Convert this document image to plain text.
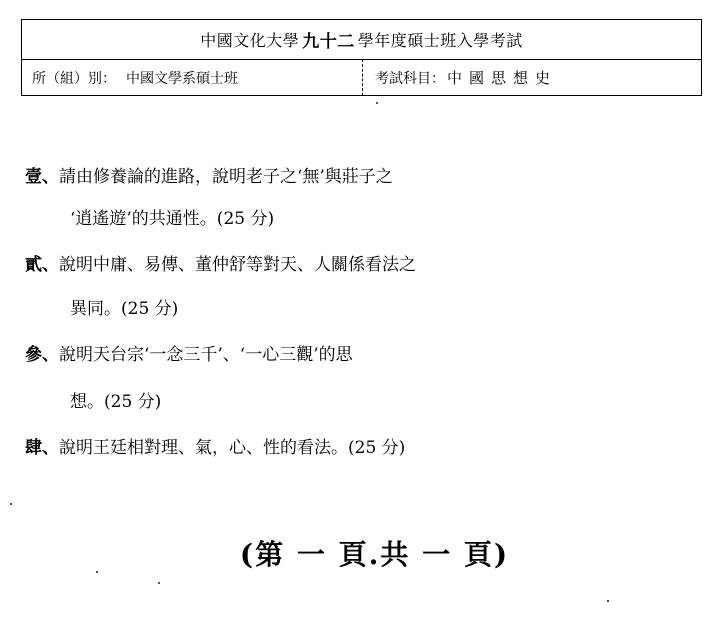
中國文化大學 九十二 學年度碩士班入學考試
所（組）別： 中國文學系碩士班	考試科目： 中國思想史
壹、請由修養論的進路，說明老子之‘無’與莊子之
‘逍遙遊’的共通性。(25 分)
貳、說明中庸、易傳、董仲舒等對天、人關係看法之
異同。(25 分)
參、說明天台宗‘一念三千’、‘一心三觀’的思
想。(25 分)
肆、說明王廷相對理、氣，心、性的看法。(25 分)
(第 一 頁.共 一 頁)
